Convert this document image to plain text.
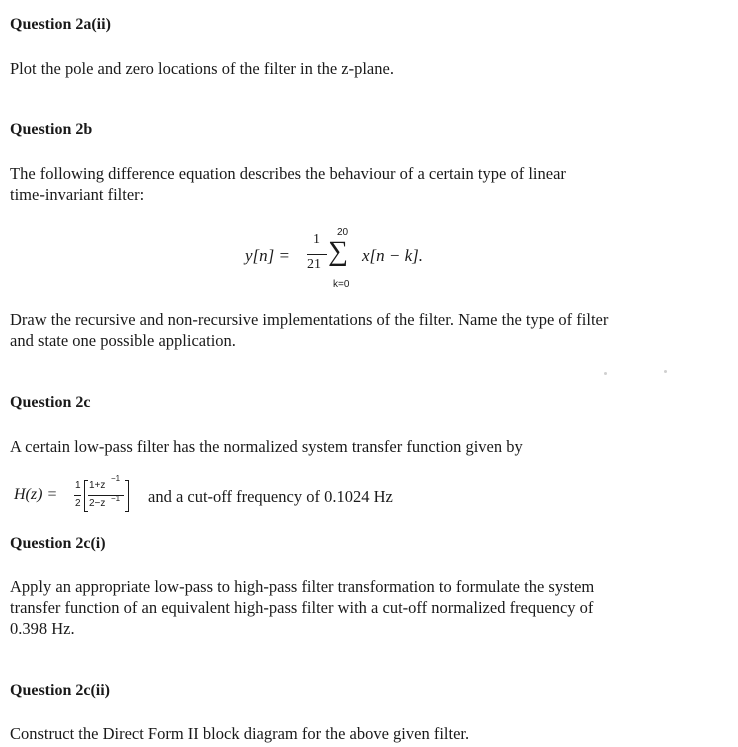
Question 2a(ii)
Plot the pole and zero locations of the filter in the z-plane.
Question 2b
The following difference equation describes the behaviour of a certain type of linear
time-invariant filter:
y[n] =
1
21
20
∑
k=0
x[n − k].
Draw the recursive and non-recursive implementations of the filter. Name the type of filter
and state one possible application.
Question 2c
A certain low-pass filter has the normalized system transfer function given by
H(z) =
1
2
1+z
−1
2−z −1 and a cut-off frequency of 0.1024 Hz
Question 2c(i)
Apply an appropriate low-pass to high-pass filter transformation to formulate the system
transfer function of an equivalent high-pass filter with a cut-off normalized frequency of
0.398 Hz.
Question 2c(ii)
Construct the Direct Form II block diagram for the above given filter.
